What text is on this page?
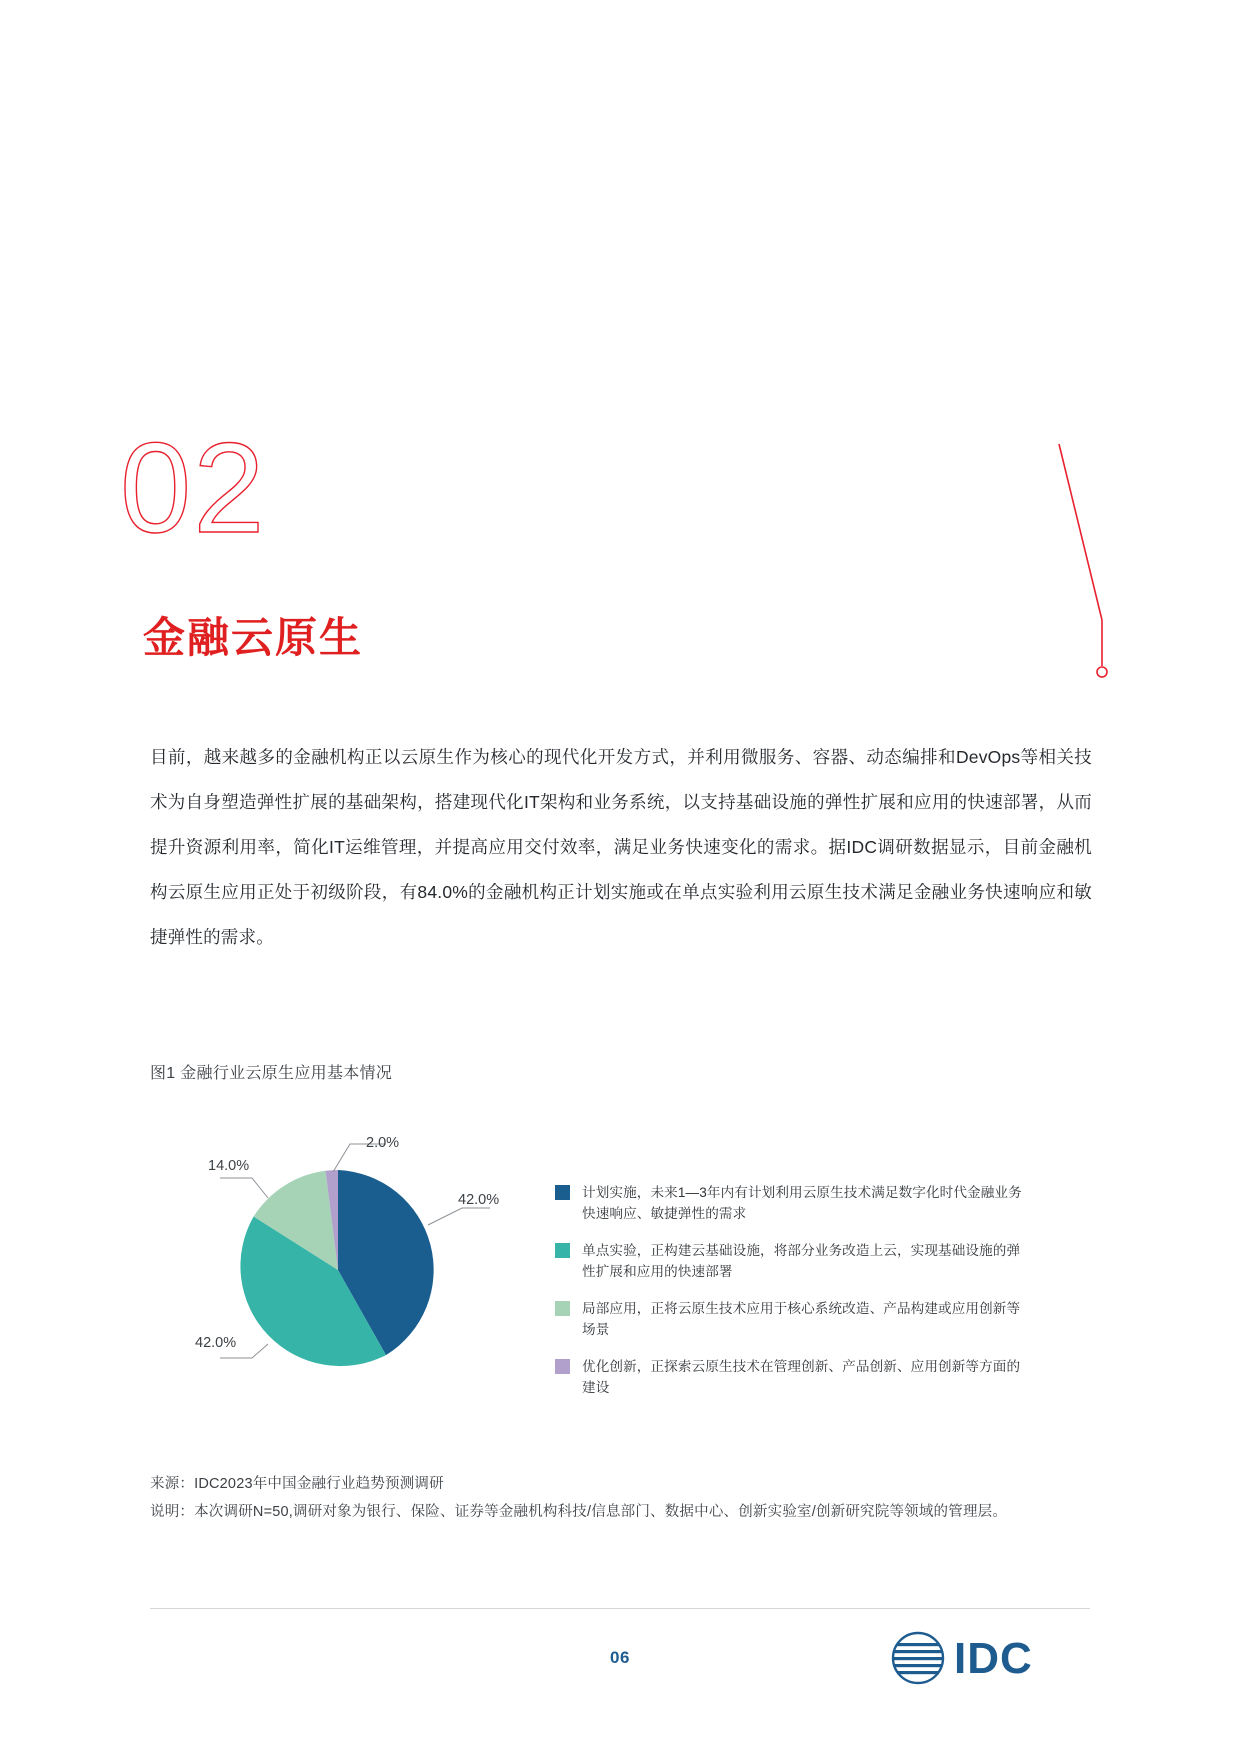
02
金融云原生
目前，越来越多的金融机构正以云原生作为核心的现代化开发方式，并利用微服务、容器、动态编排和DevOps等相关技术为自身塑造弹性扩展的基础架构，搭建现代化IT架构和业务系统，以支持基础设施的弹性扩展和应用的快速部署，从而提升资源利用率，简化IT运维管理，并提高应用交付效率，满足业务快速变化的需求。据IDC调研数据显示，目前金融机构云原生应用正处于初级阶段，有84.0%的金融机构正计划实施或在单点实验利用云原生技术满足金融业务快速响应和敏捷弹性的需求。
图1 金融行业云原生应用基本情况
42.0%
2.0%
14.0%
42.0%
计划实施，未来1—3年内有计划利用云原生技术满足数字化时代金融业务
快速响应、敏捷弹性的需求
单点实验，正构建云基础设施，将部分业务改造上云，实现基础设施的弹
性扩展和应用的快速部署
局部应用，正将云原生技术应用于核心系统改造、产品构建或应用创新等
场景
优化创新，正探索云原生技术在管理创新、产品创新、应用创新等方面的
建设
来源：IDC2023年中国金融行业趋势预测调研
说明：本次调研N=50,调研对象为银行、保险、证券等金融机构科技/信息部门、数据中心、创新实验室/创新研究院等领域的管理层。
06	IDC
